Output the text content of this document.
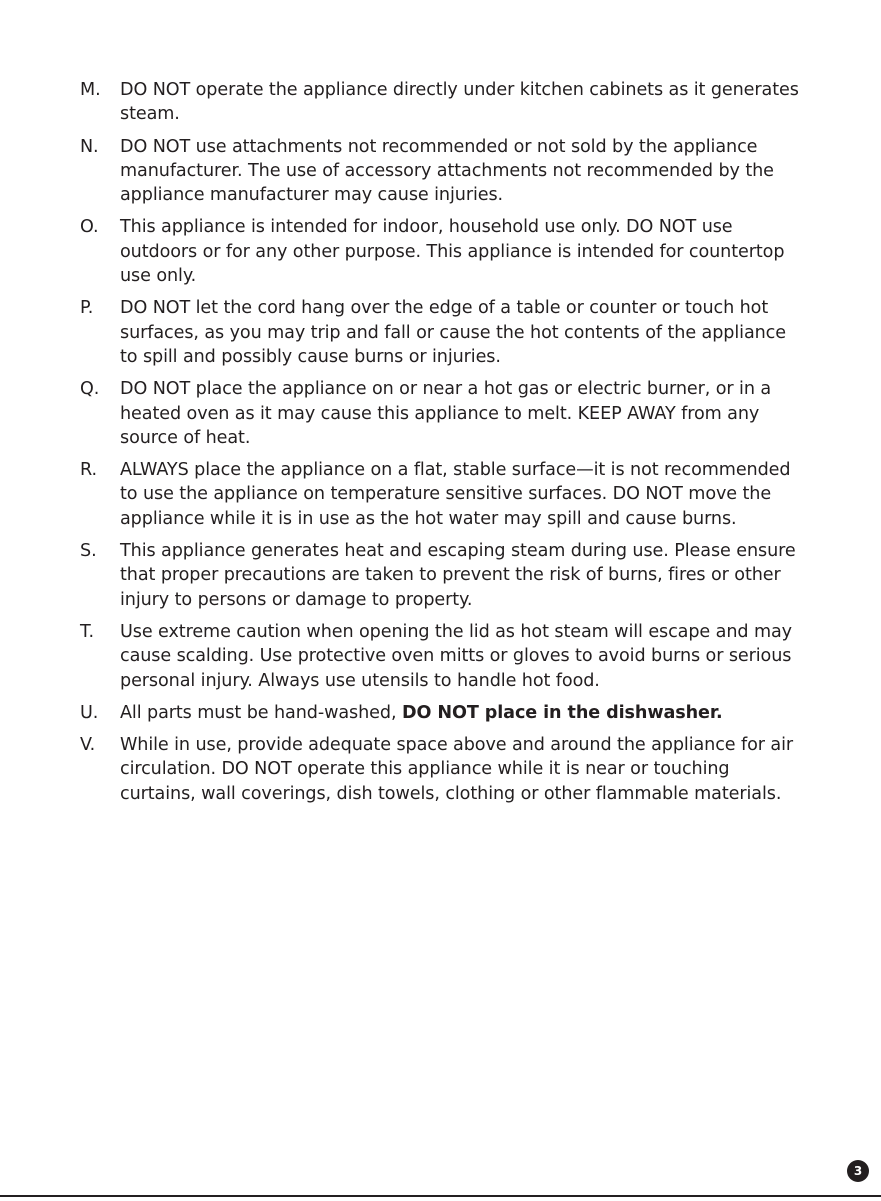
M.	DO NOT operate the appliance directly under kitchen cabinets as it generates steam.
N.	DO NOT use attachments not recommended or not sold by the appliance manufacturer. The use of accessory attachments not recommended by the appliance manufacturer may cause injuries.
O.	This appliance is intended for indoor, household use only. DO NOT use outdoors or for any other purpose. This appliance is intended for countertop use only.
P.	DO NOT let the cord hang over the edge of a table or counter or touch hot surfaces, as you may trip and fall or cause the hot contents of the appliance to spill and possibly cause burns or injuries.
Q.	DO NOT place the appliance on or near a hot gas or electric burner, or in a heated oven as it may cause this appliance to melt. KEEP AWAY from any source of heat.
R.	ALWAYS place the appliance on a flat, stable surface—it is not recommended to use the appliance on temperature sensitive surfaces. DO NOT move the appliance while it is in use as the hot water may spill and cause burns.
S.	This appliance generates heat and escaping steam during use. Please ensure that proper precautions are taken to prevent the risk of burns, fires or other injury to persons or damage to property.
T.	Use extreme caution when opening the lid as hot steam will escape and may cause scalding. Use protective oven mitts or gloves to avoid burns or serious personal injury. Always use utensils to handle hot food.
U.	All parts must be hand-washed, DO NOT place in the dishwasher.
V.	While in use, provide adequate space above and around the appliance for air circulation. DO NOT operate this appliance while it is near or touching curtains, wall coverings, dish towels, clothing or other flammable materials.
3
